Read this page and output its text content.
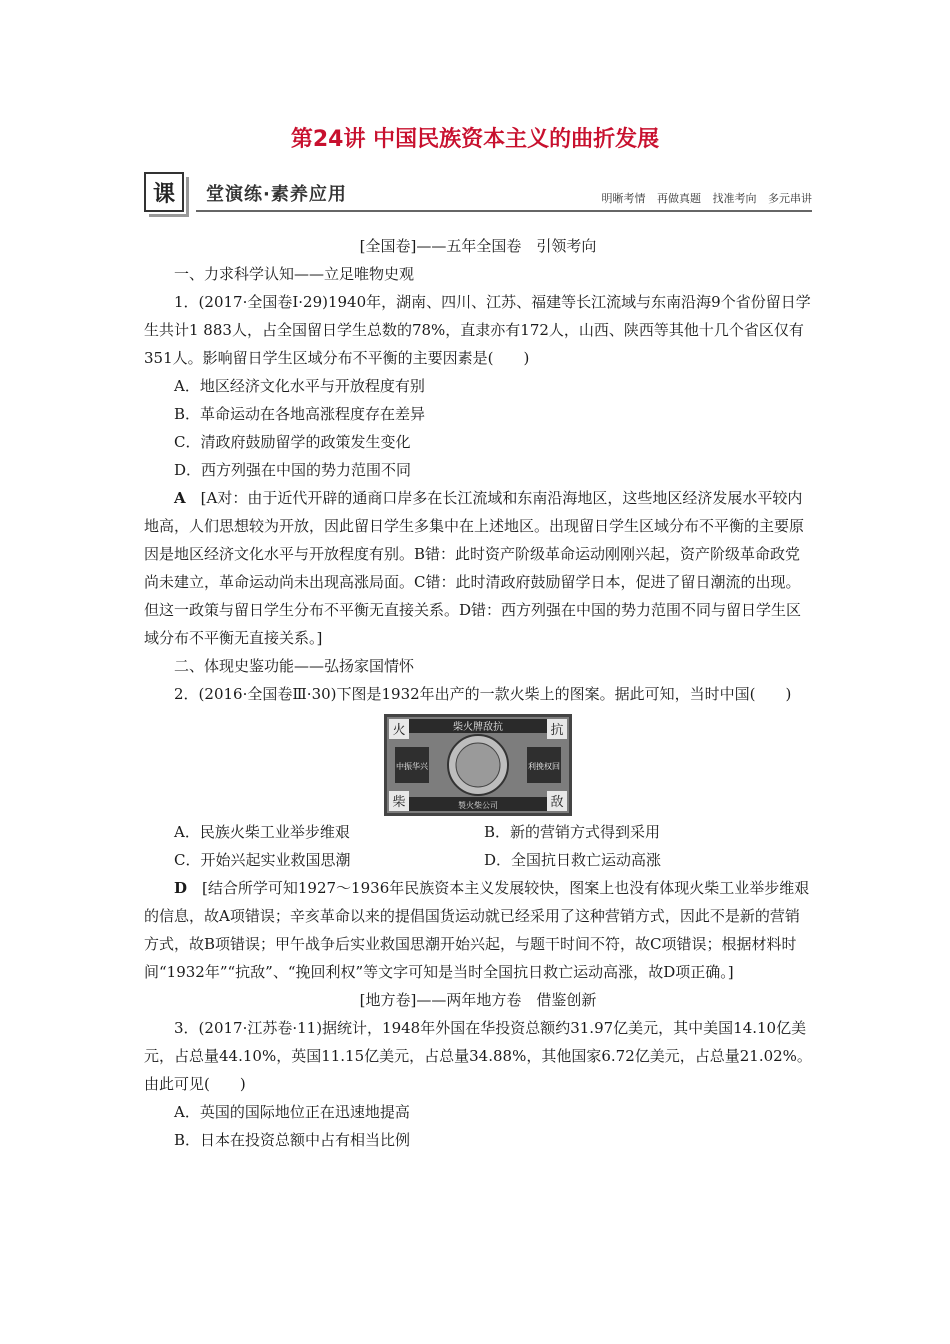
第24讲 中国民族资本主义的曲折发展
课	堂演练·素养应用	明晰考情 再做真题 找准考向 多元串讲
[全国卷]——五年全国卷　引领考向
一、力求科学认知——立足唯物史观

1．(2017·全国卷Ⅰ·29)1940年，湖南、四川、江苏、福建等长江流域与东南沿海9个省份留日学生共计1 883人，占全国留日学生总数的78%，直隶亦有172人，山西、陕西等其他十几个省区仅有351人。影响留日学生区域分布不平衡的主要因素是(　　)

A．地区经济文化水平与开放程度有别
B．革命运动在各地高涨程度存在差异
C．清政府鼓励留学的政策发生变化
D．西方列强在中国的势力范围不同

A　 [A对：由于近代开辟的通商口岸多在长江流域和东南沿海地区，这些地区经济发展水平较内地高，人们思想较为开放，因此留日学生多集中在上述地区。出现留日学生区域分布不平衡的主要原因是地区经济文化水平与开放程度有别。B错：此时资产阶级革命运动刚刚兴起，资产阶级革命政党尚未建立，革命运动尚未出现高涨局面。C错：此时清政府鼓励留学日本，促进了留日潮流的出现。但这一政策与留日学生分布不平衡无直接关系。D错：西方列强在中国的势力范围不同与留日学生区域分布不平衡无直接关系。]

二、体现史鉴功能——弘扬家国情怀

2．(2016·全国卷Ⅲ·30)下图是1932年出产的一款火柴上的图案。据此可知，当时中国(　　)

柴火牌敌抗
火	抗
柴	敌
中振华兴	利挽权回
製火柴公司
A．民族火柴工业举步维艰	B．新的营销方式得到采用
C．开始兴起实业救国思潮	D．全国抗日救亡运动高涨

D　 [结合所学可知1927～1936年民族资本主义发展较快，图案上也没有体现火柴工业举步维艰的信息，故A项错误；辛亥革命以来的提倡国货运动就已经采用了这种营销方式，因此不是新的营销方式，故B项错误；甲午战争后实业救国思潮开始兴起，与题干时间不符，故C项错误；根据材料时间“1932年”“抗敌”、“挽回利权”等文字可知是当时全国抗日救亡运动高涨，故D项正确。]

[地方卷]——两年地方卷　借鉴创新

3．(2017·江苏卷·11)据统计，1948年外国在华投资总额约31.97亿美元，其中美国14.10亿美元，占总量44.10%，英国11.15亿美元，占总量34.88%，其他国家6.72亿美元，占总量21.02%。由此可见(　　)

A．英国的国际地位正在迅速地提高
B．日本在投资总额中占有相当比例
